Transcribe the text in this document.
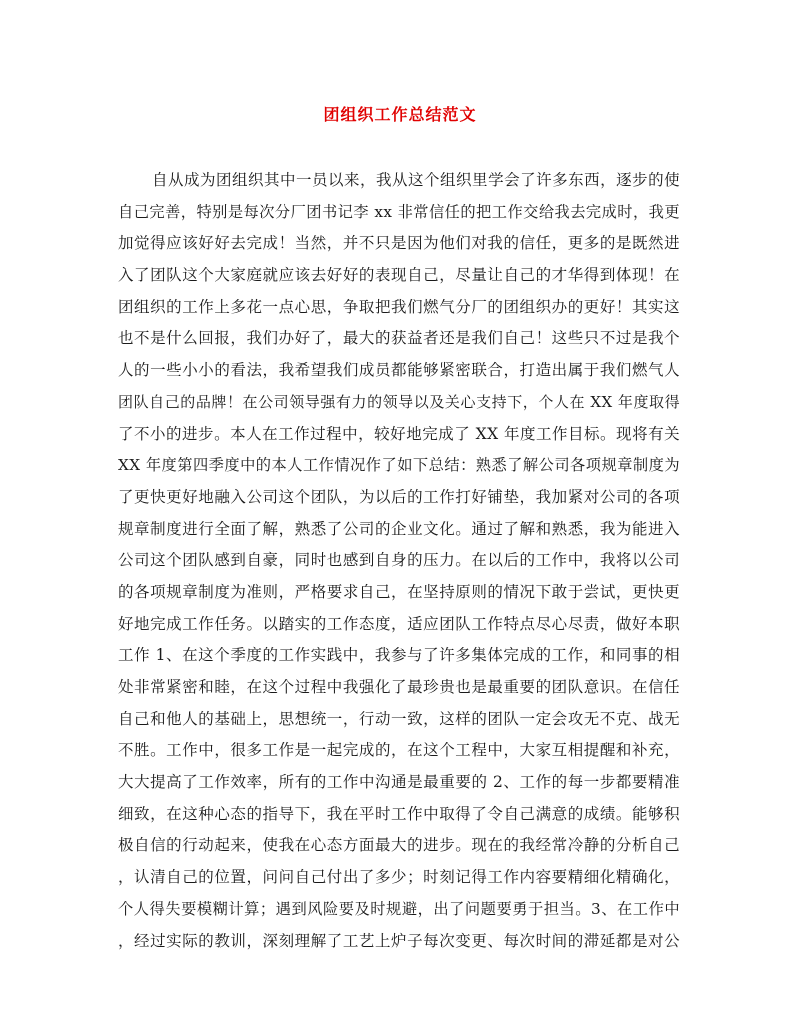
团组织工作总结范文
自从成为团组织其中一员以来，我从这个组织里学会了许多东西，逐步的使
自己完善，特别是每次分厂团书记李 xx 非常信任的把工作交给我去完成时，我更
加觉得应该好好去完成！当然，并不只是因为他们对我的信任，更多的是既然进
入了团队这个大家庭就应该去好好的表现自己，尽量让自己的才华得到体现！在
团组织的工作上多花一点心思，争取把我们燃气分厂的团组织办的更好！其实这
也不是什么回报，我们办好了，最大的获益者还是我们自己！这些只不过是我个
人的一些小小的看法，我希望我们成员都能够紧密联合，打造出属于我们燃气人
团队自己的品牌！在公司领导强有力的领导以及关心支持下，个人在 XX 年度取得
了不小的进步。本人在工作过程中，较好地完成了 XX 年度工作目标。现将有关
XX 年度第四季度中的本人工作情况作了如下总结：熟悉了解公司各项规章制度为
了更快更好地融入公司这个团队，为以后的工作打好铺垫，我加紧对公司的各项
规章制度进行全面了解，熟悉了公司的企业文化。通过了解和熟悉，我为能进入
公司这个团队感到自豪，同时也感到自身的压力。在以后的工作中，我将以公司
的各项规章制度为准则，严格要求自己，在坚持原则的情况下敢于尝试，更快更
好地完成工作任务。以踏实的工作态度，适应团队工作特点尽心尽责，做好本职
工作 1、在这个季度的工作实践中，我参与了许多集体完成的工作，和同事的相
处非常紧密和睦，在这个过程中我强化了最珍贵也是最重要的团队意识。在信任
自己和他人的基础上，思想统一，行动一致，这样的团队一定会攻无不克、战无
不胜。工作中，很多工作是一起完成的，在这个工程中，大家互相提醒和补充，
大大提高了工作效率，所有的工作中沟通是最重要的 2、工作的每一步都要精准
细致，在这种心态的指导下，我在平时工作中取得了令自己满意的成绩。能够积
极自信的行动起来，使我在心态方面最大的进步。现在的我经常冷静的分析自己
，认清自己的位置，问问自己付出了多少；时刻记得工作内容要精细化精确化，
个人得失要模糊计算；遇到风险要及时规避，出了问题要勇于担当。3、在工作中
，经过实际的教训，深刻理解了工艺上炉子每次变更、每次时间的滞延都是对公
